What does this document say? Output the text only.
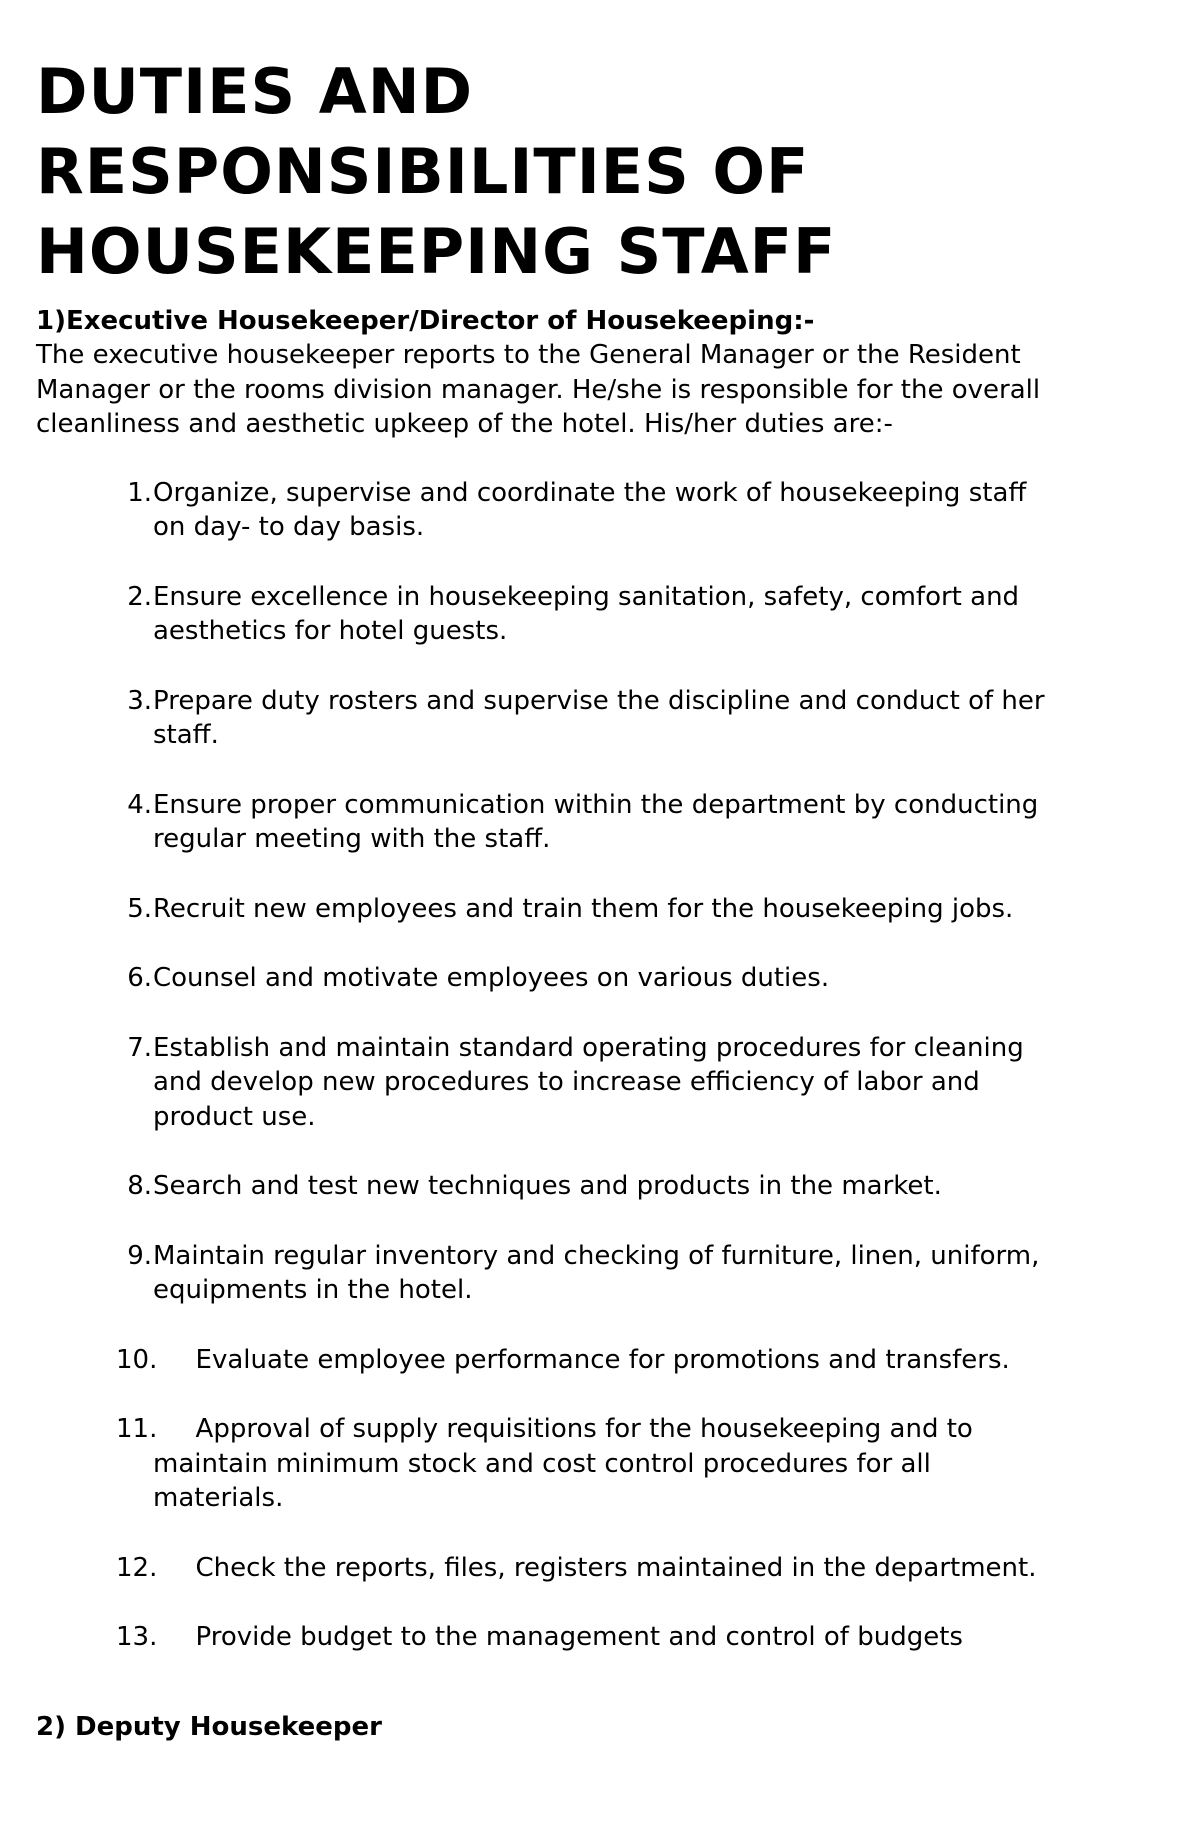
DUTIES AND
RESPONSIBILITIES OF
HOUSEKEEPING STAFF
1)Executive Housekeeper/Director of Housekeeping:-

The executive housekeeper reports to the General Manager or the Resident
Manager or the rooms division manager. He/she is responsible for the overall
cleanliness and aesthetic upkeep of the hotel. His/her duties are:-

1. Organize, supervise and coordinate the work of housekeeping staff
on day- to day basis.
2. Ensure excellence in housekeeping sanitation, safety, comfort and
aesthetics for hotel guests.
3. Prepare duty rosters and supervise the discipline and conduct of her
staff.
4. Ensure proper communication within the department by conducting
regular meeting with the staff.
5. Recruit new employees and train them for the housekeeping jobs.
6. Counsel and motivate employees on various duties.
7. Establish and maintain standard operating procedures for cleaning
and develop new procedures to increase efficiency of labor and
product use.
8. Search and test new techniques and products in the market.
9. Maintain regular inventory and checking of furniture, linen, uniform,
equipments in the hotel.
10. Evaluate employee performance for promotions and transfers.
11. Approval of supply requisitions for the housekeeping and to
maintain minimum stock and cost control procedures for all
materials.
12. Check the reports, files, registers maintained in the department.
13. Provide budget to the management and control of budgets
2) Deputy Housekeeper
